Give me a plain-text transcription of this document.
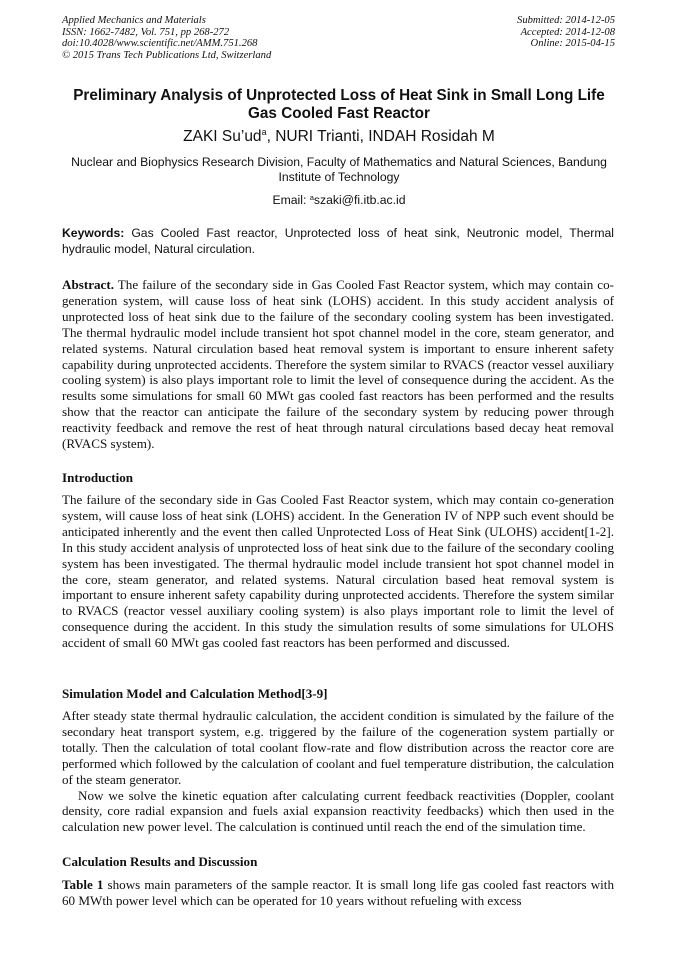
Applied Mechanics and Materials
ISSN: 1662-7482, Vol. 751, pp 268-272
doi:10.4028/www.scientific.net/AMM.751.268
© 2015 Trans Tech Publications Ltd, Switzerland
Submitted: 2014-12-05
Accepted: 2014-12-08
Online: 2015-04-15
Preliminary Analysis of Unprotected Loss of Heat Sink in Small Long Life Gas Cooled Fast Reactor
ZAKI $Su’ud^a$, NURI Trianti, INDAH Rosidah M
Nuclear and Biophysics Research Division, Faculty of Mathematics and Natural Sciences, Bandung Institute of Technology
Email: $^a$szaki@fi.itb.ac.id
Keywords: Gas Cooled Fast reactor, Unprotected loss of heat sink, Neutronic model, Thermal hydraulic model, Natural circulation.
Abstract. The failure of the secondary side in Gas Cooled Fast Reactor system, which may contain co-generation system, will cause loss of heat sink (LOHS) accident. In this study accident analysis of unprotected loss of heat sink due to the failure of the secondary cooling system has been investigated. The thermal hydraulic model include transient hot spot channel model in the core, steam generator, and related systems. Natural circulation based heat removal system is important to ensure inherent safety capability during unprotected accidents. Therefore the system similar to RVACS (reactor vessel auxiliary cooling system) is also plays important role to limit the level of consequence during the accident. As the results some simulations for small 60 MWt gas cooled fast reactors has been performed and the results show that the reactor can anticipate the failure of the secondary system by reducing power through reactivity feedback and remove the rest of heat through natural circulations based decay heat removal (RVACS system).
Introduction

The failure of the secondary side in Gas Cooled Fast Reactor system, which may contain co-generation system, will cause loss of heat sink (LOHS) accident. In the Generation IV of NPP such event should be anticipated inherently and the event then called Unprotected Loss of Heat Sink (ULOHS) accident[1-2]. In this study accident analysis of unprotected loss of heat sink due to the failure of the secondary cooling system has been investigated. The thermal hydraulic model include transient hot spot channel model in the core, steam generator, and related systems. Natural circulation based heat removal system is important to ensure inherent safety capability during unprotected accidents. Therefore the system similar to RVACS (reactor vessel auxiliary cooling system) is also plays important role to limit the level of consequence during the accident. In this study the simulation results of some simulations for ULOHS accident of small 60 MWt gas cooled fast reactors has been performed and discussed.

Simulation Model and Calculation Method[3-9]

After steady state thermal hydraulic calculation, the accident condition is simulated by the failure of the secondary heat transport system, e.g. triggered by the failure of the cogeneration system partially or totally. Then the calculation of total coolant flow-rate and flow distribution across the reactor core are performed which followed by the calculation of coolant and fuel temperature distribution, the calculation of the steam generator.

Now we solve the kinetic equation after calculating current feedback reactivities (Doppler, coolant density, core radial expansion and fuels axial expansion reactivity feedbacks) which then used in the calculation new power level. The calculation is continued until reach the end of the simulation time.

Calculation Results and Discussion

Table 1 shows main parameters of the sample reactor. It is small long life gas cooled fast reactors with 60 MWth power level which can be operated for 10 years without refueling with excess
